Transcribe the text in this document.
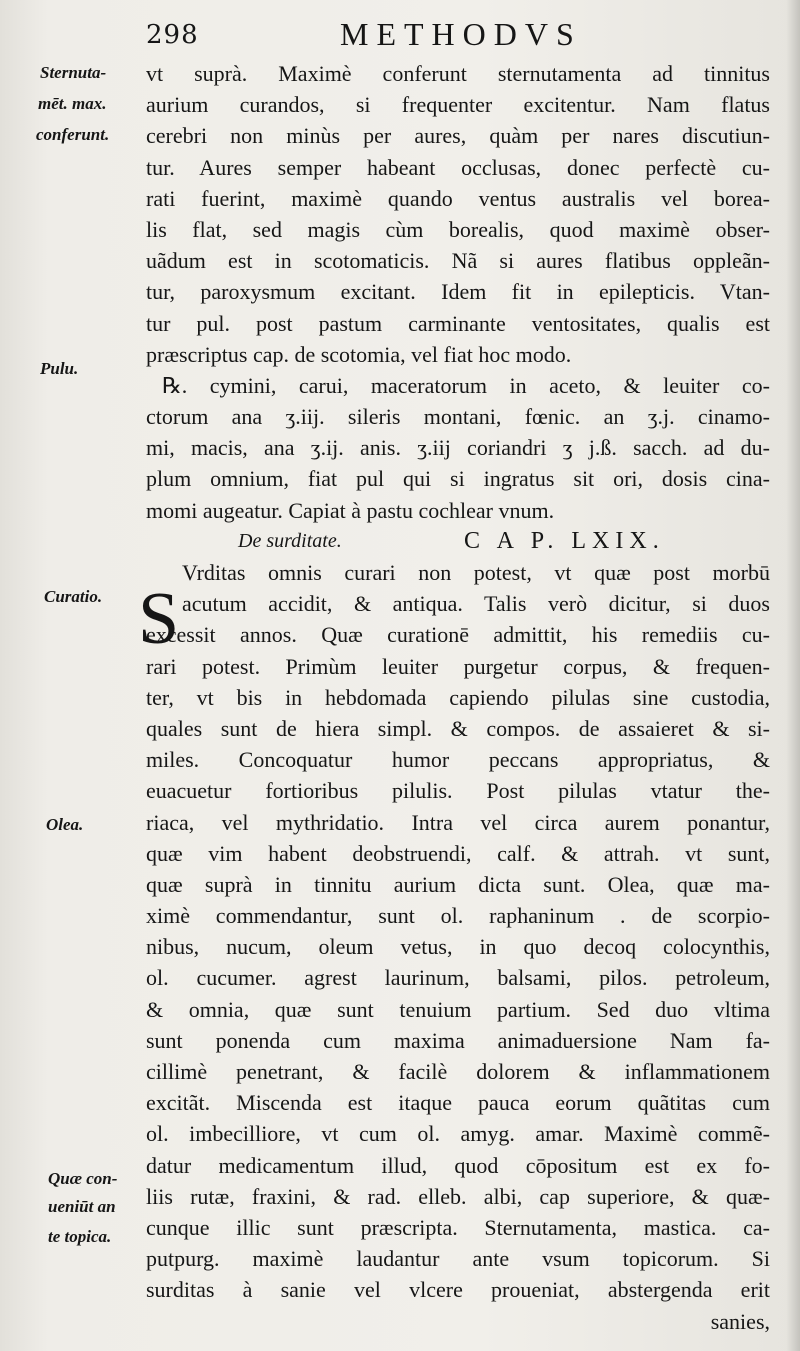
298	METHODVS
Sternuta-
mēt. max.
conferunt.
Pulu.
Curatio.
Olea.
Quæ con-
ueniūt an
te topica.
vt suprà. Maximè conferunt sternutamenta ad tinnitus
aurium curandos, si frequenter excitentur. Nam flatus
cerebri non minùs per aures, quàm per nares discutiun-
tur. Aures semper habeant occlusas, donec perfectè cu-
rati fuerint, maximè quando ventus australis vel borea-
lis flat, sed magis cùm borealis, quod maximè obser-
uãdum est in scotomaticis. Nã si aures flatibus oppleãn-
tur, paroxysmum excitant. Idem fit in epilepticis. Vtan-
tur pul. post pastum carminante ventositates, qualis est
præscriptus cap. de scotomia, vel fiat hoc modo.
℞. cymini, carui, maceratorum in aceto, & leuiter co-
ctorum ana ʒ.iij. sileris montani, fœnic. an ʒ.j. cinamo-
mi, macis, ana ʒ.ij. anis. ʒ.iij coriandri ʒ j.ß. sacch. ad du-
plum omnium, fiat pul qui si ingratus sit ori, dosis cina-
momi augeatur. Capiat à pastu cochlear vnum.
De surditate.	C A P. LXIX.
Vrditas omnis curari non potest, vt quæ post morbū
acutum accidit, & antiqua. Talis verò dicitur, si duos
excessit annos. Quæ curationē admittit, his remediis cu-
rari potest. Primùm leuiter purgetur corpus, & frequen-
ter, vt bis in hebdomada capiendo pilulas sine custodia,
quales sunt de hiera simpl. & compos. de assaieret & si-
miles. Concoquatur humor peccans appropriatus, &
euacuetur fortioribus pilulis. Post pilulas vtatur the-
riaca, vel mythridatio. Intra vel circa aurem ponantur,
quæ vim habent deobstruendi, calf. & attrah. vt sunt,
quæ suprà in tinnitu aurium dicta sunt. Olea, quæ ma-
ximè commendantur, sunt ol. raphaninum . de scorpio-
nibus, nucum, oleum vetus, in quo decoq colocynthis,
ol. cucumer. agrest laurinum, balsami, pilos. petroleum,
& omnia, quæ sunt tenuium partium. Sed duo vltima
sunt ponenda cum maxima animaduersione Nam fa-
cillimè penetrant, & facilè dolorem & inflammationem
excitãt. Miscenda est itaque pauca eorum quãtitas cum
ol. imbecilliore, vt cum ol. amyg. amar. Maximè commẽ-
datur medicamentum illud, quod cōpositum est ex fo-
liis rutæ, fraxini, & rad. elleb. albi, cap superiore, & quæ-
cunque illic sunt præscripta. Sternutamenta, mastica. ca-
putpurg. maximè laudantur ante vsum topicorum. Si
surditas à sanie vel vlcere proueniat, abstergenda erit
sanies,
S
